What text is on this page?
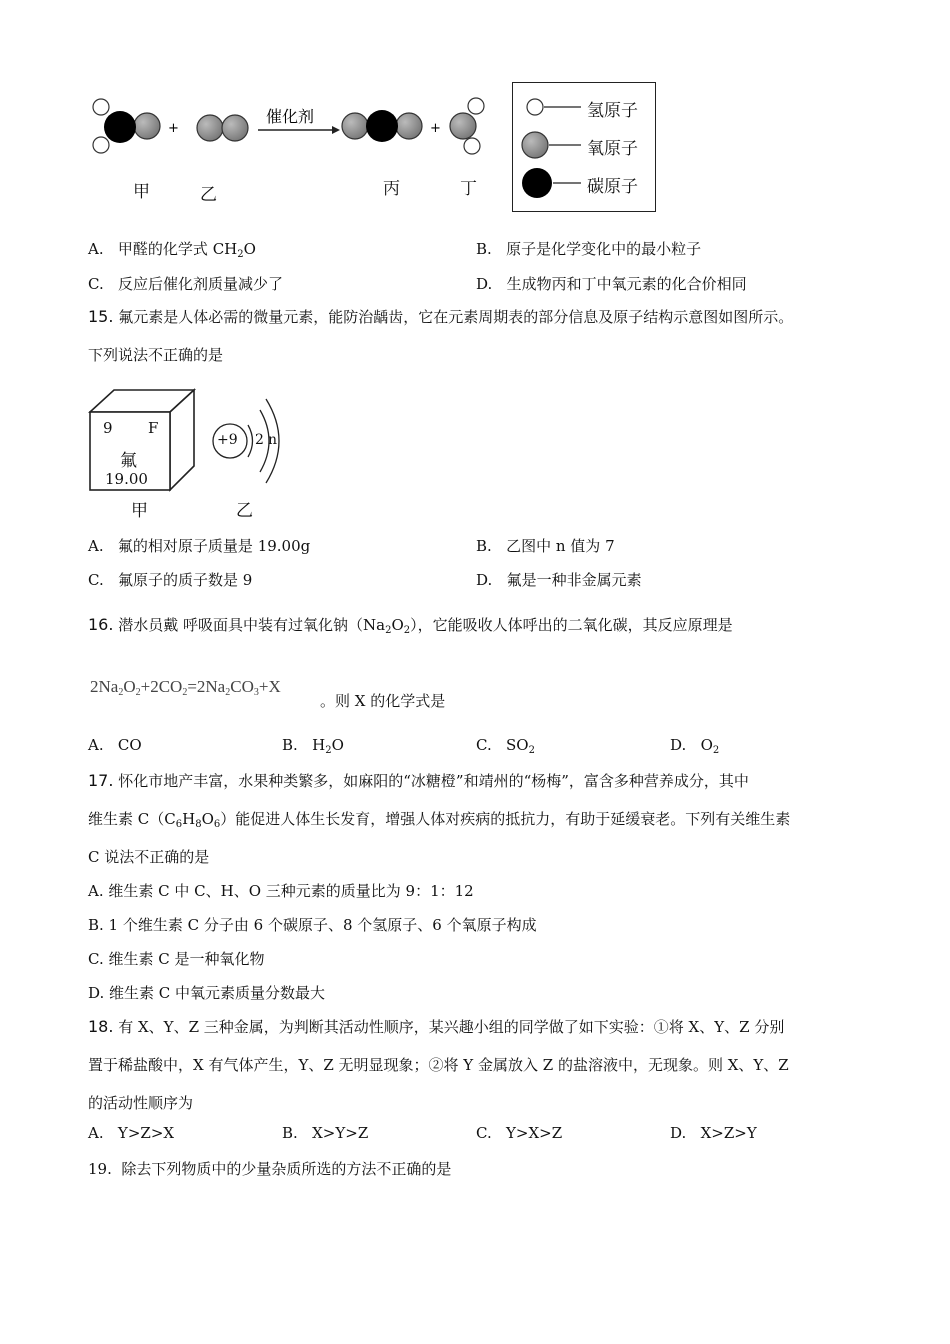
+
催化剂
+
甲	乙	丙	丁
氢原子
氧原子
碳原子
A. 甲醛的化学式 $CH_2O$	B. 原子是化学变化中的最小粒子
C. 反应后催化剂质量减少了	D. 生成物丙和丁中氧元素的化合价相同
15. 氟元素是人体必需的微量元素，能防治龋齿，它在元素周期表的部分信息及原子结构示意图如图所示。
下列说法不正确的是
9 F
氟
19.00
甲
+9 2 n
乙
A. 氟的相对原子质量是 19.00g	B. 乙图中 n 值为 7
C. 氟原子的质子数是 9	D. 氟是一种非金属元素
16. 潜水员戴 呼吸面具中装有过氧化钠$(Na_2O_2)$，它能吸收人体呼出的二氧化碳，其反应原理是
$2Na_2O_2+2CO_2=2Na_2CO_3+X$
。则 X 的化学式是
A. CO	B. $H_2O$	C. $SO_2$	D. $O_2$
17. 怀化市地产丰富，水果种类繁多，如麻阳的“冰糖橙”和靖州的“杨梅”，富含多种营养成分，其中
维生素 $C(C_6H_8O_6)$能促进人体生长发育，增强人体对疾病的抵抗力，有助于延缓衰老。下列有关维生素
C 说法不正确的是
A. 维生素 C 中 C、H、O 三种元素的质量比为 9：1：12
B. 1 个维生素 C 分子由 6 个碳原子、8 个氢原子、6 个氧原子构成
C. 维生素 C 是一种氧化物
D. 维生素 C 中氧元素质量分数最大
18. 有 X、Y、Z 三种金属，为判断其活动性顺序，某兴趣小组的同学做了如下实验：①将 X、Y、Z 分别
置于稀盐酸中，X 有气体产生，Y、Z 无明显现象；②将 Y 金属放入 Z 的盐溶液中，无现象。则 X、Y、Z
的活动性顺序为
A. Y>Z>X	B. X>Y>Z	C. Y>X>Z	D. X>Z>Y
19. 除去下列物质中的少量杂质所选的方法不正确的是
